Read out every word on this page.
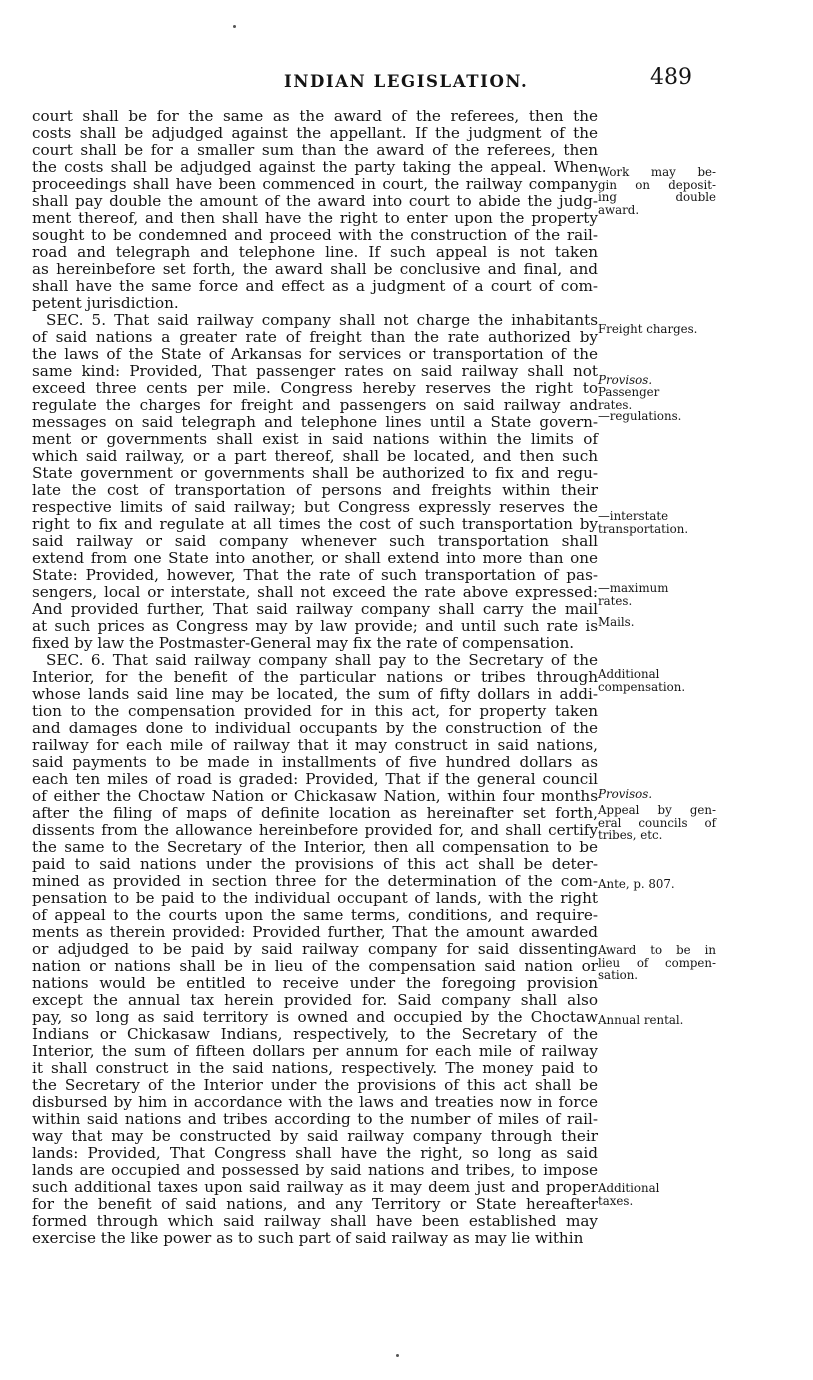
INDIAN LEGISLATION.	489
court shall be for the same as the award of the referees, then the
costs shall be adjudged against the appellant. If the judgment of the
court shall be for a smaller sum than the award of the referees, then
the costs shall be adjudged against the party taking the appeal. When
proceedings shall have been commenced in court, the railway company
shall pay double the amount of the award into court to abide the judg-
ment thereof, and then shall have the right to enter upon the property
sought to be condemned and proceed with the construction of the rail-
road and telegraph and telephone line. If such appeal is not taken
as hereinbefore set forth, the award shall be conclusive and final, and
shall have the same force and effect as a judgment of a court of com-
petent jurisdiction.
SEC. 5. That said railway company shall not charge the inhabitants
of said nations a greater rate of freight than the rate authorized by
the laws of the State of Arkansas for services or transportation of the
same kind: Provided, That passenger rates on said railway shall not
exceed three cents per mile. Congress hereby reserves the right to
regulate the charges for freight and passengers on said railway and
messages on said telegraph and telephone lines until a State govern-
ment or governments shall exist in said nations within the limits of
which said railway, or a part thereof, shall be located, and then such
State government or governments shall be authorized to fix and regu-
late the cost of transportation of persons and freights within their
respective limits of said railway; but Congress expressly reserves the
right to fix and regulate at all times the cost of such transportation by
said railway or said company whenever such transportation shall
extend from one State into another, or shall extend into more than one
State: Provided, however, That the rate of such transportation of pas-
sengers, local or interstate, shall not exceed the rate above expressed:
And provided further, That said railway company shall carry the mail
at such prices as Congress may by law provide; and until such rate is
fixed by law the Postmaster-General may fix the rate of compensation.
SEC. 6. That said railway company shall pay to the Secretary of the
Interior, for the benefit of the particular nations or tribes through
whose lands said line may be located, the sum of fifty dollars in addi-
tion to the compensation provided for in this act, for property taken
and damages done to individual occupants by the construction of the
railway for each mile of railway that it may construct in said nations,
said payments to be made in installments of five hundred dollars as
each ten miles of road is graded: Provided, That if the general council
of either the Choctaw Nation or Chickasaw Nation, within four months
after the filing of maps of definite location as hereinafter set forth,
dissents from the allowance hereinbefore provided for, and shall certify
the same to the Secretary of the Interior, then all compensation to be
paid to said nations under the provisions of this act shall be deter-
mined as provided in section three for the determination of the com-
pensation to be paid to the individual occupant of lands, with the right
of appeal to the courts upon the same terms, conditions, and require-
ments as therein provided: Provided further, That the amount awarded
or adjudged to be paid by said railway company for said dissenting
nation or nations shall be in lieu of the compensation said nation or
nations would be entitled to receive under the foregoing provision
except the annual tax herein provided for. Said company shall also
pay, so long as said territory is owned and occupied by the Choctaw
Indians or Chickasaw Indians, respectively, to the Secretary of the
Interior, the sum of fifteen dollars per annum for each mile of railway
it shall construct in the said nations, respectively. The money paid to
the Secretary of the Interior under the provisions of this act shall be
disbursed by him in accordance with the laws and treaties now in force
within said nations and tribes according to the number of miles of rail-
way that may be constructed by said railway company through their
lands: Provided, That Congress shall have the right, so long as said
lands are occupied and possessed by said nations and tribes, to impose
such additional taxes upon said railway as it may deem just and proper
for the benefit of said nations, and any Territory or State hereafter
formed through which said railway shall have been established may
exercise the like power as to such part of said railway as may lie within
Work may be-
gin on deposit-
ing double
award.
Freight charges.
Provisos.
Passenger
rates.
—regulations.
—interstate
transportation.
—maximum
rates.
Mails.
Additional
compensation.
Provisos.
Appeal by gen-
eral councils of
tribes, etc.
Ante, p. 807.
Award to be in
lieu of compen-
sation.
Annual rental.
Additional
taxes.
